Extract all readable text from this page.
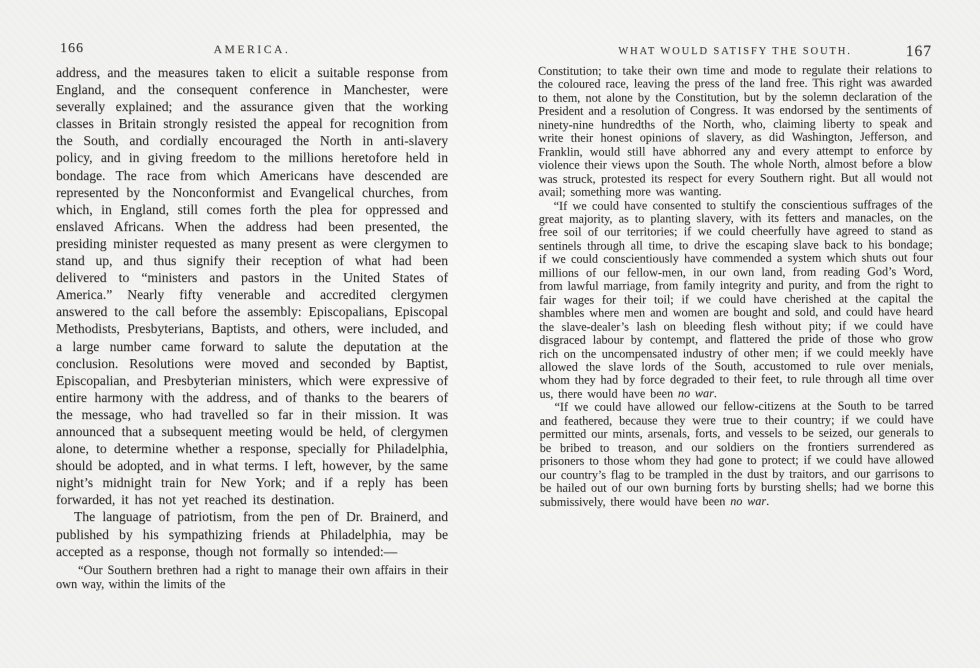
166	AMERICA.

address, and the measures taken to elicit a suitable response from England, and the consequent conference in Manchester, were severally explained; and the assurance given that the working classes in Britain strongly resisted the appeal for recognition from the South, and cordially encouraged the North in anti-slavery policy, and in giving freedom to the millions heretofore held in bondage. The race from which Americans have descended are represented by the Nonconformist and Evangelical churches, from which, in England, still comes forth the plea for oppressed and enslaved Africans. When the address had been presented, the presiding minister requested as many present as were clergymen to stand up, and thus signify their reception of what had been delivered to “ministers and pastors in the United States of America.” Nearly fifty venerable and accredited clergymen answered to the call before the assembly: Episcopalians, Episcopal Methodists, Presbyterians, Baptists, and others, were included, and a large number came forward to salute the deputation at the conclusion. Resolutions were moved and seconded by Baptist, Episcopalian, and Presbyterian ministers, which were expressive of entire harmony with the address, and of thanks to the bearers of the message, who had travelled so far in their mission. It was announced that a subsequent meeting would be held, of clergymen alone, to determine whether a response, specially for Philadelphia, should be adopted, and in what terms. I left, however, by the same night’s midnight train for New York; and if a reply has been forwarded, it has not yet reached its destination.

The language of patriotism, from the pen of Dr. Brainerd, and published by his sympathizing friends at Philadelphia, may be accepted as a response, though not formally so intended:—

“Our Southern brethren had a right to manage their own affairs in their own way, within the limits of the

WHAT WOULD SATISFY THE SOUTH.	167

Constitution; to take their own time and mode to regulate their relations to the coloured race, leaving the press of the land free. This right was awarded to them, not alone by the Constitution, but by the solemn declaration of the President and a resolution of Congress. It was endorsed by the sentiments of ninety-nine hundredths of the North, who, claiming liberty to speak and write their honest opinions of slavery, as did Washington, Jefferson, and Franklin, would still have abhorred any and every attempt to enforce by violence their views upon the South. The whole North, almost before a blow was struck, protested its respect for every Southern right. But all would not avail; something more was wanting.

“If we could have consented to stultify the conscientious suffrages of the great majority, as to planting slavery, with its fetters and manacles, on the free soil of our territories; if we could cheerfully have agreed to stand as sentinels through all time, to drive the escaping slave back to his bondage; if we could conscientiously have commended a system which shuts out four millions of our fellow-men, in our own land, from reading God’s Word, from lawful marriage, from family integrity and purity, and from the right to fair wages for their toil; if we could have cherished at the capital the shambles where men and women are bought and sold, and could have heard the slave-dealer’s lash on bleeding flesh without pity; if we could have disgraced labour by contempt, and flattered the pride of those who grow rich on the uncompensated industry of other men; if we could meekly have allowed the slave lords of the South, accustomed to rule over menials, whom they had by force degraded to their feet, to rule through all time over us, there would have been no war.

“If we could have allowed our fellow-citizens at the South to be tarred and feathered, because they were true to their country; if we could have permitted our mints, arsenals, forts, and vessels to be seized, our generals to be bribed to treason, and our soldiers on the frontiers surrendered as prisoners to those whom they had gone to protect; if we could have allowed our country’s flag to be trampled in the dust by traitors, and our garrisons to be hailed out of our own burning forts by bursting shells; had we borne this submissively, there would have been no war.
